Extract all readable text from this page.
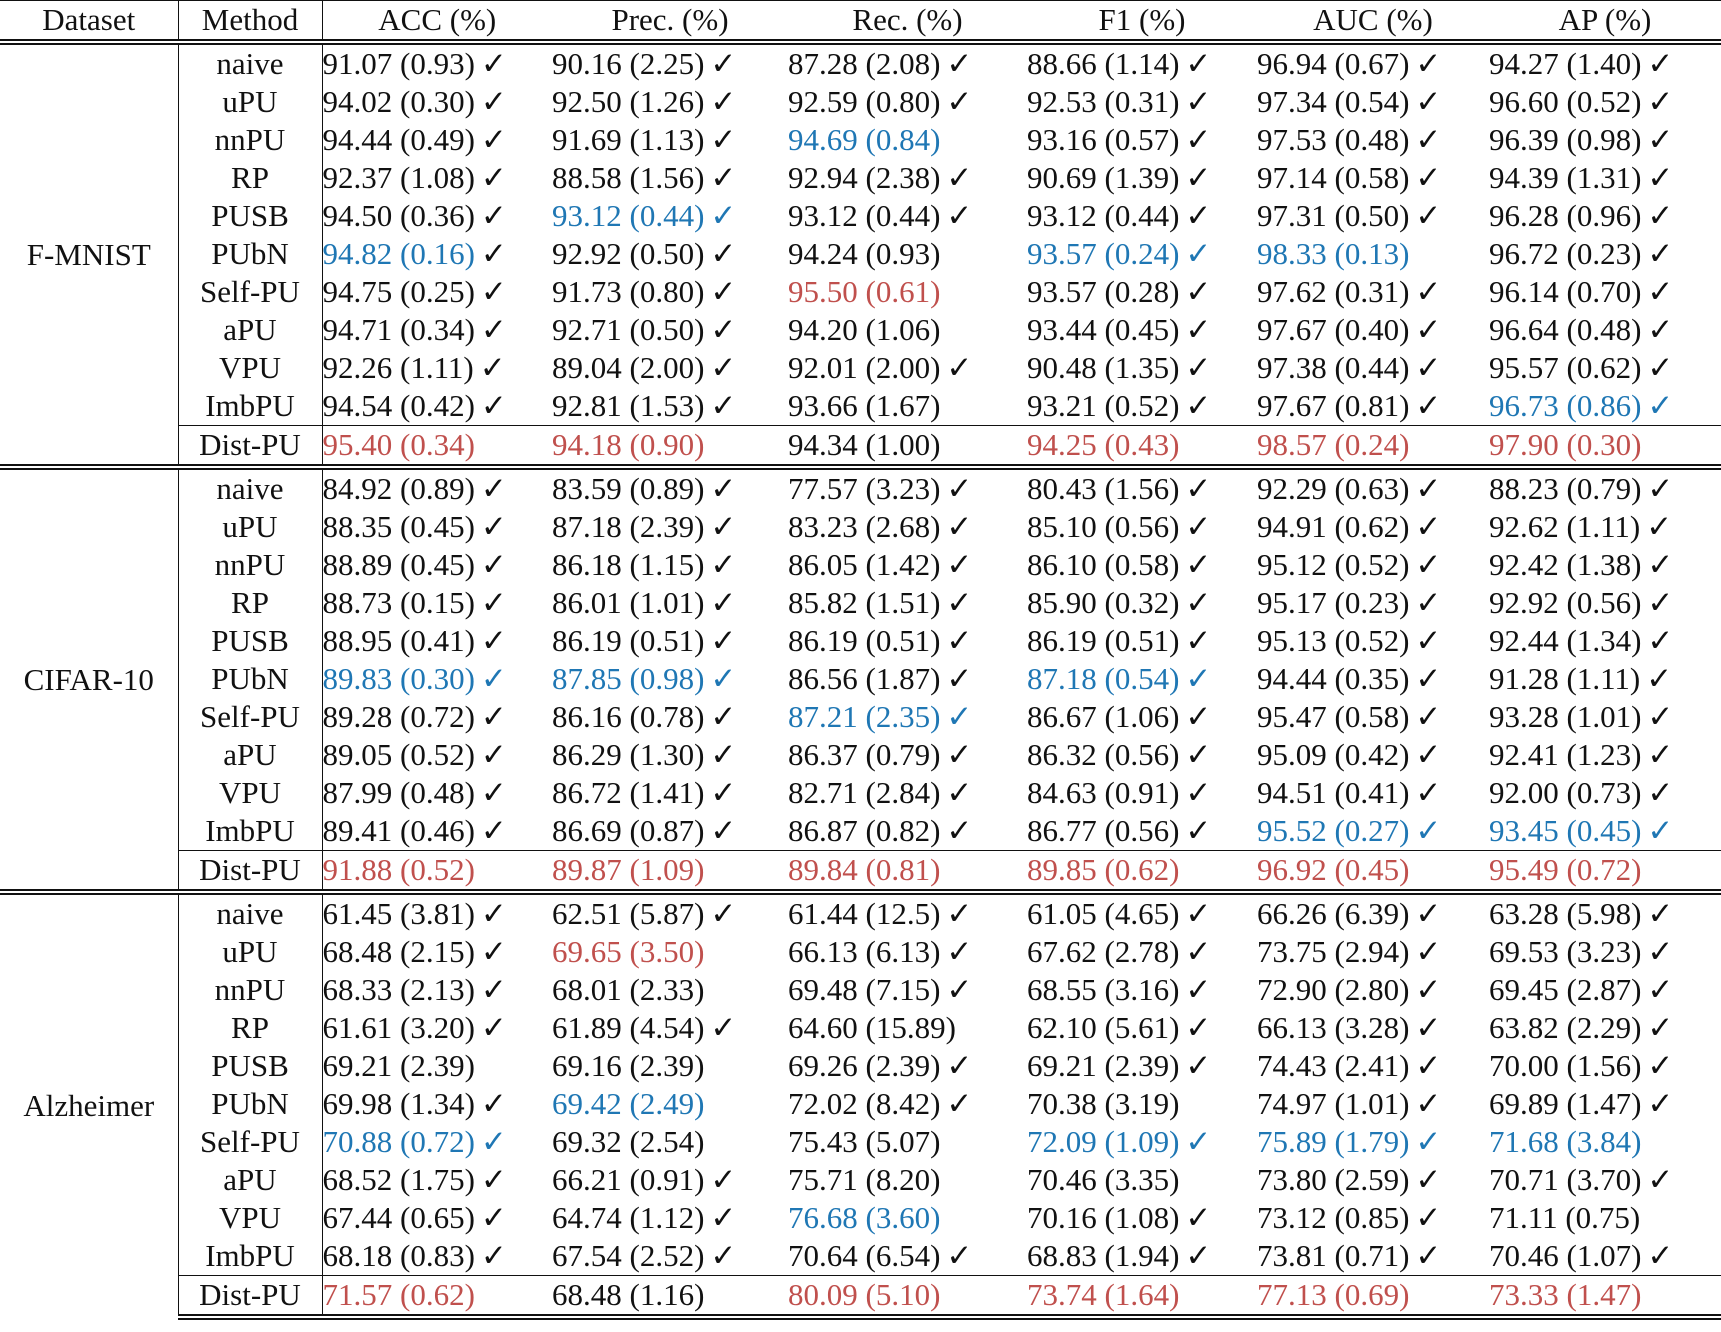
Dataset	Method	ACC (%)	Prec. (%)	Rec. (%)	F1 (%)	AUC (%)	AP (%)
F-MNIST	naive	91.07 (0.93) ✓	90.16 (2.25) ✓	87.28 (2.08) ✓	88.66 (1.14) ✓	96.94 (0.67) ✓	94.27 (1.40) ✓
	uPU	94.02 (0.30) ✓	92.50 (1.26) ✓	92.59 (0.80) ✓	92.53 (0.31) ✓	97.34 (0.54) ✓	96.60 (0.52) ✓
	nnPU	94.44 (0.49) ✓	91.69 (1.13) ✓	94.69 (0.84)	93.16 (0.57) ✓	97.53 (0.48) ✓	96.39 (0.98) ✓
	RP	92.37 (1.08) ✓	88.58 (1.56) ✓	92.94 (2.38) ✓	90.69 (1.39) ✓	97.14 (0.58) ✓	94.39 (1.31) ✓
	PUSB	94.50 (0.36) ✓	93.12 (0.44) ✓	93.12 (0.44) ✓	93.12 (0.44) ✓	97.31 (0.50) ✓	96.28 (0.96) ✓
	PUbN	94.82 (0.16) ✓	92.92 (0.50) ✓	94.24 (0.93)	93.57 (0.24) ✓	98.33 (0.13)	96.72 (0.23) ✓
	Self-PU	94.75 (0.25) ✓	91.73 (0.80) ✓	95.50 (0.61)	93.57 (0.28) ✓	97.62 (0.31) ✓	96.14 (0.70) ✓
	aPU	94.71 (0.34) ✓	92.71 (0.50) ✓	94.20 (1.06)	93.44 (0.45) ✓	97.67 (0.40) ✓	96.64 (0.48) ✓
	VPU	92.26 (1.11) ✓	89.04 (2.00) ✓	92.01 (2.00) ✓	90.48 (1.35) ✓	97.38 (0.44) ✓	95.57 (0.62) ✓
	ImbPU	94.54 (0.42) ✓	92.81 (1.53) ✓	93.66 (1.67)	93.21 (0.52) ✓	97.67 (0.81) ✓	96.73 (0.86) ✓
	Dist-PU	95.40 (0.34)	94.18 (0.90)	94.34 (1.00)	94.25 (0.43)	98.57 (0.24)	97.90 (0.30)
CIFAR-10	naive	84.92 (0.89) ✓	83.59 (0.89) ✓	77.57 (3.23) ✓	80.43 (1.56) ✓	92.29 (0.63) ✓	88.23 (0.79) ✓
	uPU	88.35 (0.45) ✓	87.18 (2.39) ✓	83.23 (2.68) ✓	85.10 (0.56) ✓	94.91 (0.62) ✓	92.62 (1.11) ✓
	nnPU	88.89 (0.45) ✓	86.18 (1.15) ✓	86.05 (1.42) ✓	86.10 (0.58) ✓	95.12 (0.52) ✓	92.42 (1.38) ✓
	RP	88.73 (0.15) ✓	86.01 (1.01) ✓	85.82 (1.51) ✓	85.90 (0.32) ✓	95.17 (0.23) ✓	92.92 (0.56) ✓
	PUSB	88.95 (0.41) ✓	86.19 (0.51) ✓	86.19 (0.51) ✓	86.19 (0.51) ✓	95.13 (0.52) ✓	92.44 (1.34) ✓
	PUbN	89.83 (0.30) ✓	87.85 (0.98) ✓	86.56 (1.87) ✓	87.18 (0.54) ✓	94.44 (0.35) ✓	91.28 (1.11) ✓
	Self-PU	89.28 (0.72) ✓	86.16 (0.78) ✓	87.21 (2.35) ✓	86.67 (1.06) ✓	95.47 (0.58) ✓	93.28 (1.01) ✓
	aPU	89.05 (0.52) ✓	86.29 (1.30) ✓	86.37 (0.79) ✓	86.32 (0.56) ✓	95.09 (0.42) ✓	92.41 (1.23) ✓
	VPU	87.99 (0.48) ✓	86.72 (1.41) ✓	82.71 (2.84) ✓	84.63 (0.91) ✓	94.51 (0.41) ✓	92.00 (0.73) ✓
	ImbPU	89.41 (0.46) ✓	86.69 (0.87) ✓	86.87 (0.82) ✓	86.77 (0.56) ✓	95.52 (0.27) ✓	93.45 (0.45) ✓
	Dist-PU	91.88 (0.52)	89.87 (1.09)	89.84 (0.81)	89.85 (0.62)	96.92 (0.45)	95.49 (0.72)
Alzheimer	naive	61.45 (3.81) ✓	62.51 (5.87) ✓	61.44 (12.5) ✓	61.05 (4.65) ✓	66.26 (6.39) ✓	63.28 (5.98) ✓
	uPU	68.48 (2.15) ✓	69.65 (3.50)	66.13 (6.13) ✓	67.62 (2.78) ✓	73.75 (2.94) ✓	69.53 (3.23) ✓
	nnPU	68.33 (2.13) ✓	68.01 (2.33)	69.48 (7.15) ✓	68.55 (3.16) ✓	72.90 (2.80) ✓	69.45 (2.87) ✓
	RP	61.61 (3.20) ✓	61.89 (4.54) ✓	64.60 (15.89)	62.10 (5.61) ✓	66.13 (3.28) ✓	63.82 (2.29) ✓
	PUSB	69.21 (2.39)	69.16 (2.39)	69.26 (2.39) ✓	69.21 (2.39) ✓	74.43 (2.41) ✓	70.00 (1.56) ✓
	PUbN	69.98 (1.34) ✓	69.42 (2.49)	72.02 (8.42) ✓	70.38 (3.19)	74.97 (1.01) ✓	69.89 (1.47) ✓
	Self-PU	70.88 (0.72) ✓	69.32 (2.54)	75.43 (5.07)	72.09 (1.09) ✓	75.89 (1.79) ✓	71.68 (3.84)
	aPU	68.52 (1.75) ✓	66.21 (0.91) ✓	75.71 (8.20)	70.46 (3.35)	73.80 (2.59) ✓	70.71 (3.70) ✓
	VPU	67.44 (0.65) ✓	64.74 (1.12) ✓	76.68 (3.60)	70.16 (1.08) ✓	73.12 (0.85) ✓	71.11 (0.75)
	ImbPU	68.18 (0.83) ✓	67.54 (2.52) ✓	70.64 (6.54) ✓	68.83 (1.94) ✓	73.81 (0.71) ✓	70.46 (1.07) ✓
	Dist-PU	71.57 (0.62)	68.48 (1.16)	80.09 (5.10)	73.74 (1.64)	77.13 (0.69)	73.33 (1.47)
